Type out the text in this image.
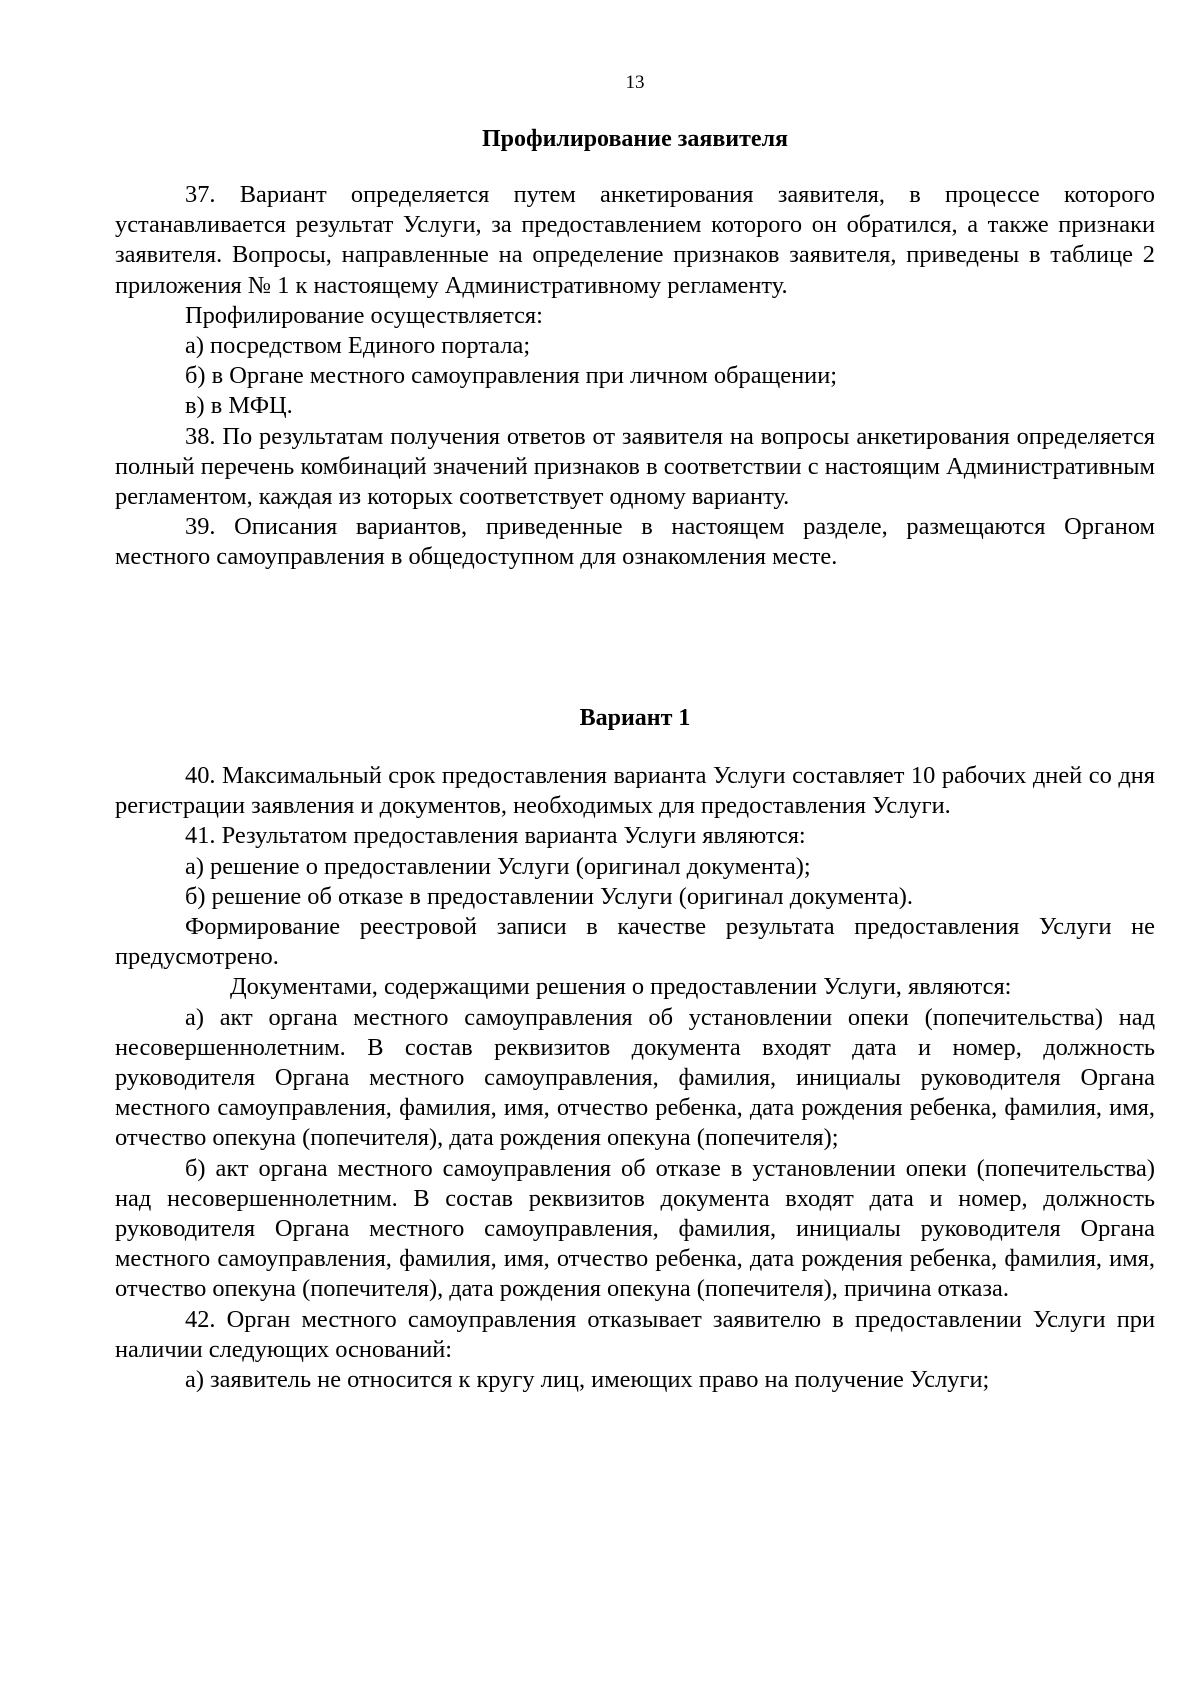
13
Профилирование заявителя

37. Вариант определяется путем анкетирования заявителя, в процессе которого устанавливается результат Услуги, за предоставлением которого он обратился, а также признаки заявителя. Вопросы, направленные на определение признаков заявителя, приведены в таблице 2 приложения № 1 к настоящему Административному регламенту.

Профилирование осуществляется:

а) посредством Единого портала;

б) в Органе местного самоуправления при личном обращении;

в) в МФЦ.

38. По результатам получения ответов от заявителя на вопросы анкетирования определяется полный перечень комбинаций значений признаков в соответствии с настоящим Административным регламентом, каждая из которых соответствует одному варианту.

39. Описания вариантов, приведенные в настоящем разделе, размещаются Органом местного самоуправления в общедоступном для ознакомления месте.

Вариант 1

40. Максимальный срок предоставления варианта Услуги составляет 10 рабочих дней со дня регистрации заявления и документов, необходимых для предоставления Услуги.

41. Результатом предоставления варианта Услуги являются:

а) решение о предоставлении Услуги (оригинал документа);

б) решение об отказе в предоставлении Услуги (оригинал документа).

Формирование реестровой записи в качестве результата предоставления Услуги не предусмотрено.

Документами, содержащими решения о предоставлении Услуги, являются:

а) акт органа местного самоуправления об установлении опеки (попечительства) над несовершеннолетним. В состав реквизитов документа входят дата и номер, должность руководителя Органа местного самоуправления, фамилия, инициалы руководителя Органа местного самоуправления, фамилия, имя, отчество ребенка, дата рождения ребенка, фамилия, имя, отчество опекуна (попечителя), дата рождения опекуна (попечителя);

б) акт органа местного самоуправления об отказе в установлении опеки (попечительства) над несовершеннолетним. В состав реквизитов документа входят дата и номер, должность руководителя Органа местного самоуправления, фамилия, инициалы руководителя Органа местного самоуправления, фамилия, имя, отчество ребенка, дата рождения ребенка, фамилия, имя, отчество опекуна (попечителя), дата рождения опекуна (попечителя), причина отказа.

42. Орган местного самоуправления отказывает заявителю в предоставлении Услуги при наличии следующих оснований:

а) заявитель не относится к кругу лиц, имеющих право на получение Услуги;
